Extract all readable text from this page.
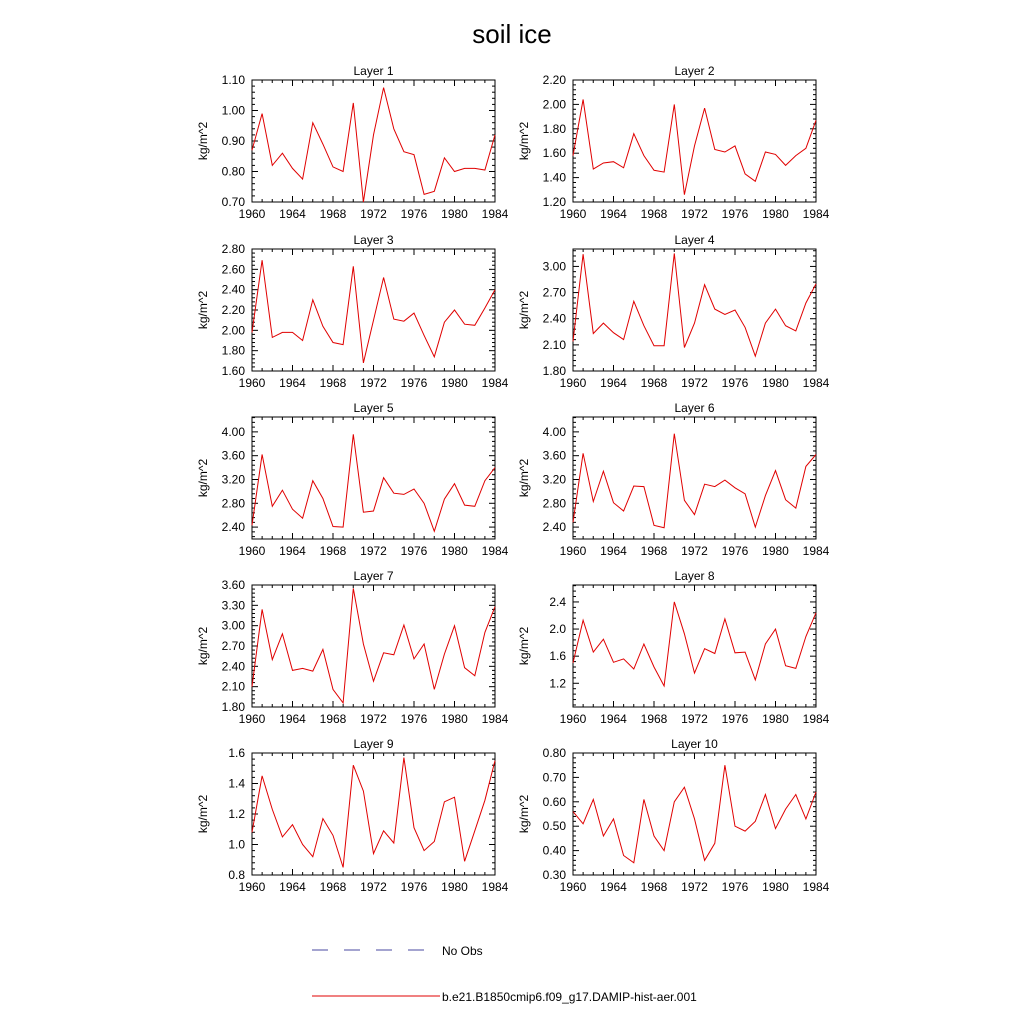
soil ice
Layer 1
kg/m^2
1960 1964 1968 1972 1976 1980 1984
0.70
0.80
0.90
1.00
1.10
Layer 2
kg/m^2
1960 1964 1968 1972 1976 1980 1984
1.20
1.40
1.60
1.80
2.00
2.20
Layer 3
kg/m^2
1960 1964 1968 1972 1976 1980 1984
1.60
1.80
2.00
2.20
2.40
2.60
2.80
Layer 4
kg/m^2
1960 1964 1968 1972 1976 1980 1984
1.80
2.10
2.40
2.70
3.00
Layer 5
kg/m^2
1960 1964 1968 1972 1976 1980 1984
2.40
2.80
3.20
3.60
4.00
Layer 6
kg/m^2
1960 1964 1968 1972 1976 1980 1984
2.40
2.80
3.20
3.60
4.00
Layer 7
kg/m^2
1960 1964 1968 1972 1976 1980 1984
1.80
2.10
2.40
2.70
3.00
3.30
3.60
Layer 8
kg/m^2
1960 1964 1968 1972 1976 1980 1984
1.2
1.6
2.0
2.4
Layer 9
kg/m^2
1960 1964 1968 1972 1976 1980 1984
0.8
1.0
1.2
1.4
1.6
Layer 10
kg/m^2
1960 1964 1968 1972 1976 1980 1984
0.30
0.40
0.50
0.60
0.70
0.80
No Obs
b.e21.B1850cmip6.f09_g17.DAMIP-hist-aer.001
